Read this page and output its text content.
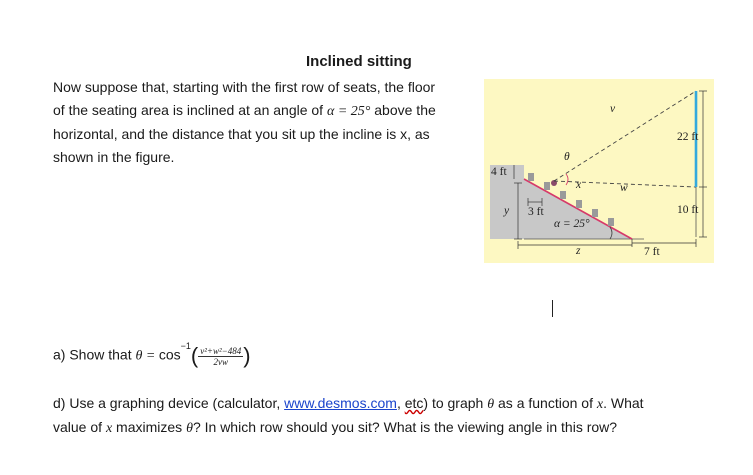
Inclined sitting
Now suppose that, starting with the first row of seats, the floor
of the seating area is inclined at an angle of α = 25° above the
horizontal, and the distance that you sit up the incline is x, as
shown in the figure.
v
θ
x	w
y 3 ft
4 ft
α = 25°
z	7 ft
22 ft
10 ft
a) Show that $\theta = \cos^{-1}( \frac{\text{v²+w²−484}}{2vw}$ )
d) Use a graphing device (calculator, www.desmos.com, etc) to graph θ as a function of x. What
value of x maximizes θ? In which row should you sit? What is the viewing angle in this row?
